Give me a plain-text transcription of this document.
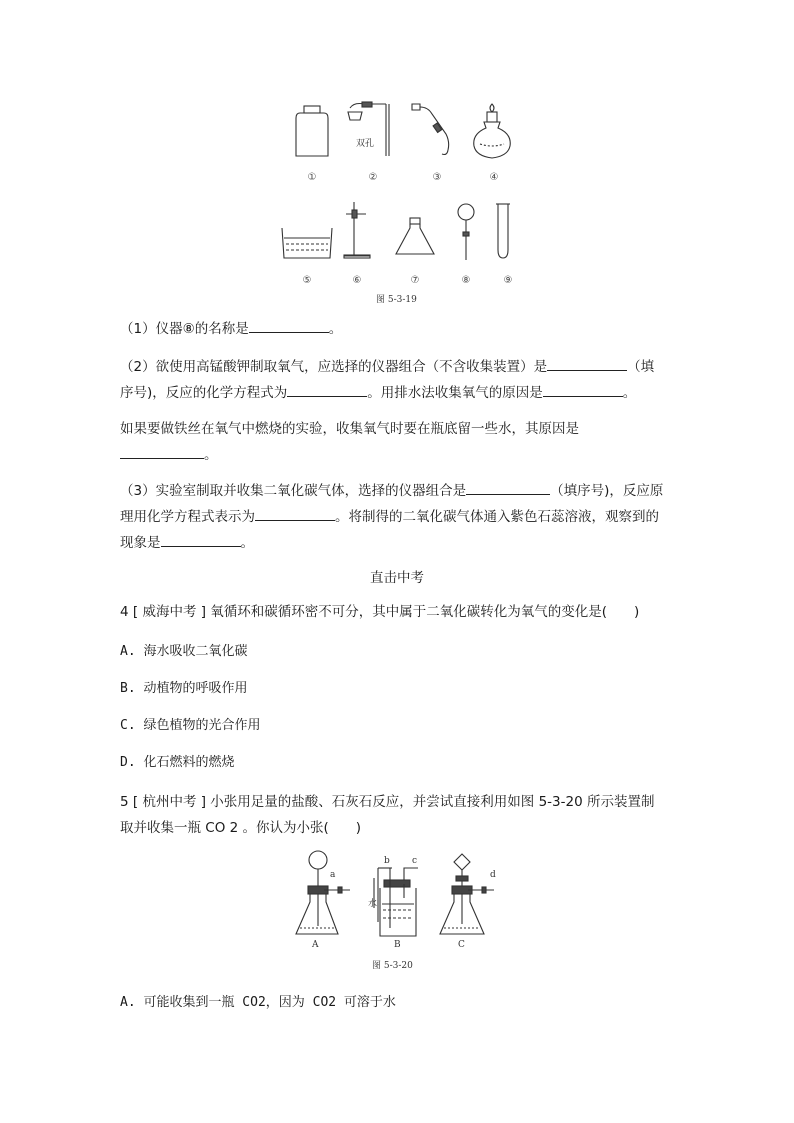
双孔
①	②	③	④
⑤	⑥	⑦	⑧	⑨
图 5-3-19
（1）仪器⑧的名称是	。
（2）欲使用高锰酸钾制取氧气，应选择的仪器组合（不含收集装置）是	（填
序号)，反应的化学方程式为	。用排水法收集氧气的原因是	。
如果要做铁丝在氧气中燃烧的实验，收集氧气时要在瓶底留一些水，其原因是
。
（3）实验室制取并收集二氧化碳气体，选择的仪器组合是	（填序号)，反应原
理用化学方程式表示为	。将制得的二氧化碳气体通入紫色石蕊溶液，观察到的
现象是	。
直击中考
4 [ 威海中考 ] 氧循环和碳循环密不可分，其中属于二氧化碳转化为氧气的变化是(　　)
A. 海水吸收二氧化碳
B. 动植物的呼吸作用
C. 绿色植物的光合作用
D. 化石燃料的燃烧
5 [ 杭州中考 ] 小张用足量的盐酸、石灰石反应，并尝试直接利用如图 5-3-20 所示装置制
取并收集一瓶 CO 2 。你认为小张(　　)
a
b c
d
水
A	B	C
图 5-3-20
A. 可能收集到一瓶 CO2，因为 CO2 可溶于水
